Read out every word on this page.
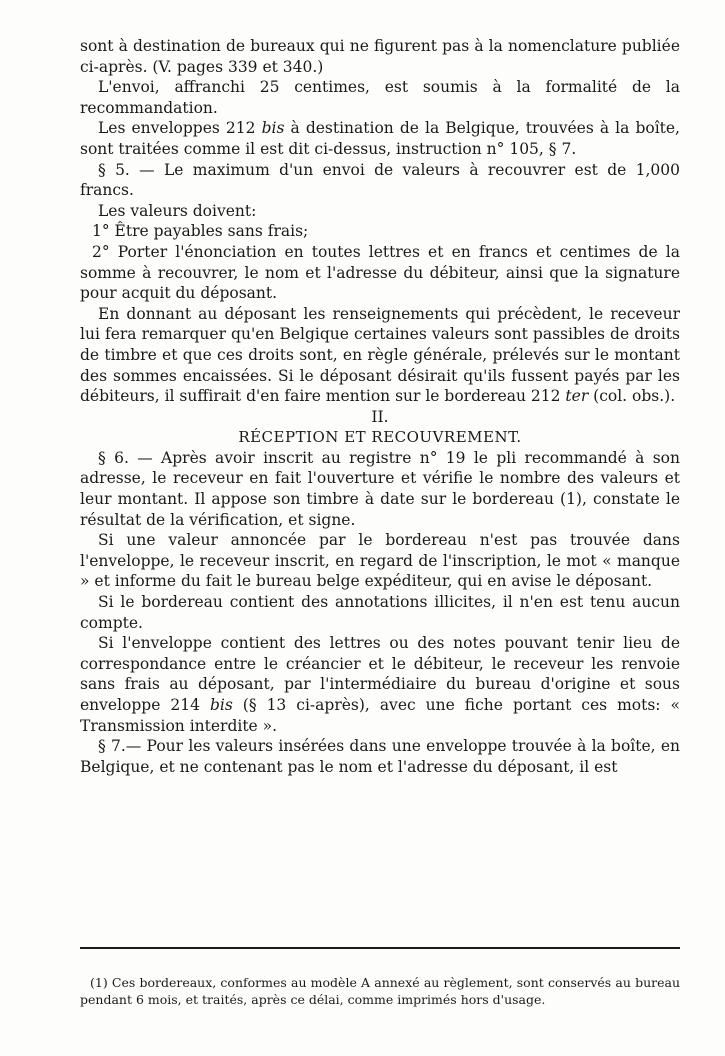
sont à destination de bureaux qui ne figurent pas à la nomenclature publiée ci-après. (V. pages 339 et 340.)

L'envoi, affranchi 25 centimes, est soumis à la formalité de la recommandation.

Les enveloppes 212 bis à destination de la Belgique, trouvées à la boîte, sont traitées comme il est dit ci-dessus, instruction n° 105, § 7.

§ 5. — Le maximum d'un envoi de valeurs à recouvrer est de 1,000 francs.

Les valeurs doivent:

1° Être payables sans frais;

2° Porter l'énonciation en toutes lettres et en francs et centimes de la somme à recouvrer, le nom et l'adresse du débiteur, ainsi que la signature pour acquit du déposant.

En donnant au déposant les renseignements qui précèdent, le receveur lui fera remarquer qu'en Belgique certaines valeurs sont passibles de droits de timbre et que ces droits sont, en règle générale, prélevés sur le montant des sommes encaissées. Si le déposant désirait qu'ils fussent payés par les débiteurs, il suffirait d'en faire mention sur le bordereau 212 ter (col. obs.).

II.

RÉCEPTION ET RECOUVREMENT.

§ 6. — Après avoir inscrit au registre n° 19 le pli recommandé à son adresse, le receveur en fait l'ouverture et vérifie le nombre des valeurs et leur montant. Il appose son timbre à date sur le bordereau (1), constate le résultat de la vérification, et signe.

Si une valeur annoncée par le bordereau n'est pas trouvée dans l'enveloppe, le receveur inscrit, en regard de l'inscription, le mot « manque » et informe du fait le bureau belge expéditeur, qui en avise le déposant.

Si le bordereau contient des annotations illicites, il n'en est tenu aucun compte.

Si l'enveloppe contient des lettres ou des notes pouvant tenir lieu de correspondance entre le créancier et le débiteur, le receveur les renvoie sans frais au déposant, par l'intermédiaire du bureau d'origine et sous enveloppe 214 bis (§ 13 ci-après), avec une fiche portant ces mots: « Transmission interdite ».

§ 7.— Pour les valeurs insérées dans une enveloppe trouvée à la boîte, en Belgique, et ne contenant pas le nom et l'adresse du déposant, il est

(1) Ces bordereaux, conformes au modèle A annexé au règlement, sont conservés au bureau pendant 6 mois, et traités, après ce délai, comme imprimés hors d'usage.
